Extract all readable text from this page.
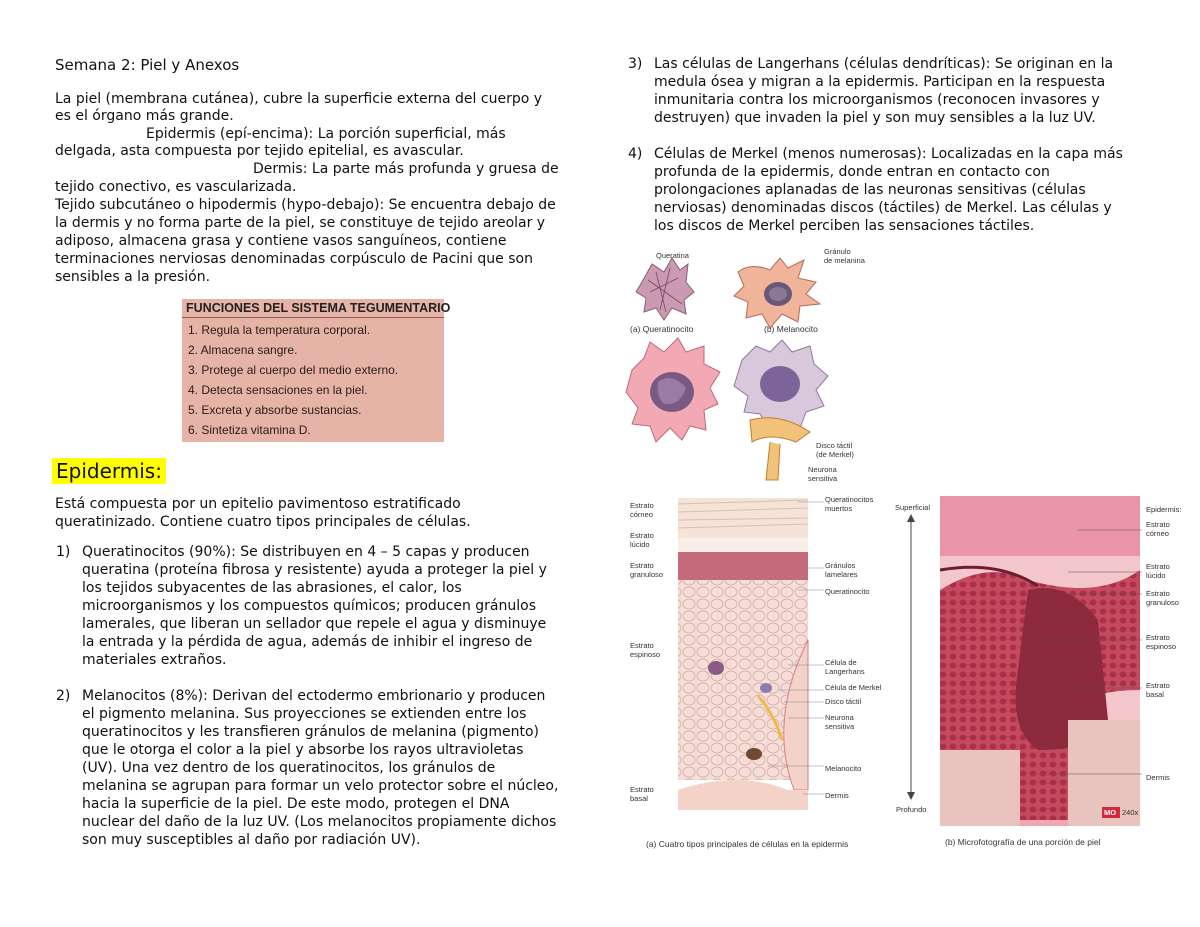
Semana 2: Piel y Anexos
La piel (membrana cutánea), cubre la superficie externa del cuerpo y
es el órgano más grande.
Epidermis (epí-encima): La porción superficial, más
delgada, asta compuesta por tejido epitelial, es avascular.
Dermis: La parte más profunda y gruesa de
tejido conectivo, es vascularizada.
Tejido subcutáneo o hipodermis (hypo-debajo): Se encuentra debajo de
la dermis y no forma parte de la piel, se constituye de tejido areolar y
adiposo, almacena grasa y contiene vasos sanguíneos, contiene
terminaciones nerviosas denominadas corpúsculo de Pacini que son
sensibles a la presión.
FUNCIONES DEL SISTEMA TEGUMENTARIO
1. Regula la temperatura corporal.
2. Almacena sangre.
3. Protege al cuerpo del medio externo.
4. Detecta sensaciones en la piel.
5. Excreta y absorbe sustancias.
6. Sintetiza vitamina D.
Epidermis:
Está compuesta por un epitelio pavimentoso estratificado
queratinizado. Contiene cuatro tipos principales de células.
1) Queratinocitos (90%): Se distribuyen en 4 – 5 capas y producen
queratina (proteína fibrosa y resistente) ayuda a proteger la piel y
los tejidos subyacentes de las abrasiones, el calor, los
microorganismos y los compuestos químicos; producen gránulos
lamerales, que liberan un sellador que repele el agua y disminuye
la entrada y la pérdida de agua, además de inhibir el ingreso de
materiales extraños.
2) Melanocitos (8%): Derivan del ectodermo embrionario y producen
el pigmento melanina. Sus proyecciones se extienden entre los
queratinocitos y les transfieren gránulos de melanina (pigmento)
que le otorga el color a la piel y absorbe los rayos ultravioletas
(UV). Una vez dentro de los queratinocitos, los gránulos de
melanina se agrupan para formar un velo protector sobre el núcleo,
hacia la superficie de la piel. De este modo, protegen el DNA
nuclear del daño de la luz UV. (Los melanocitos propiamente dichos
son muy susceptibles al daño por radiación UV).
3) Las células de Langerhans (células dendríticas): Se originan en la
medula ósea y migran a la epidermis. Participan en la respuesta
inmunitaria contra los microorganismos (reconocen invasores y
destruyen) que invaden la piel y son muy sensibles a la luz UV.
4) Células de Merkel (menos numerosas): Localizadas en la capa más
profunda de la epidermis, donde entran en contacto con
prolongaciones aplanadas de las neuronas sensitivas (células
nerviosas) denominadas discos (táctiles) de Merkel. Las células y
los discos de Merkel perciben las sensaciones táctiles.
Queratina	Gránulo
de melanina
(a) Queratinocito	(b) Melanocito
Disco táctil
(de Merkel)
Neurona
sensitiva
Estrato
córneo
Estrato
lúcido
Estrato
granuloso
Estrato
espinoso
Estrato
basal
Queratinocitos
muertos
Gránulos
lamelares
Queratinocito
Célula de
Langerhans
Célula de Merkel
Disco táctil
Neurona
sensitiva
Melanocito
Dermis
(a) Cuatro tipos principales de células en la epidermis
Superficial
Profundo	MO 240x
Epidermis:
Estrato
córneo
Estrato
lúcido
Estrato
granuloso
Estrato
espinoso
Estrato
basal
Dermis
(b) Microfotografía de una porción de piel
